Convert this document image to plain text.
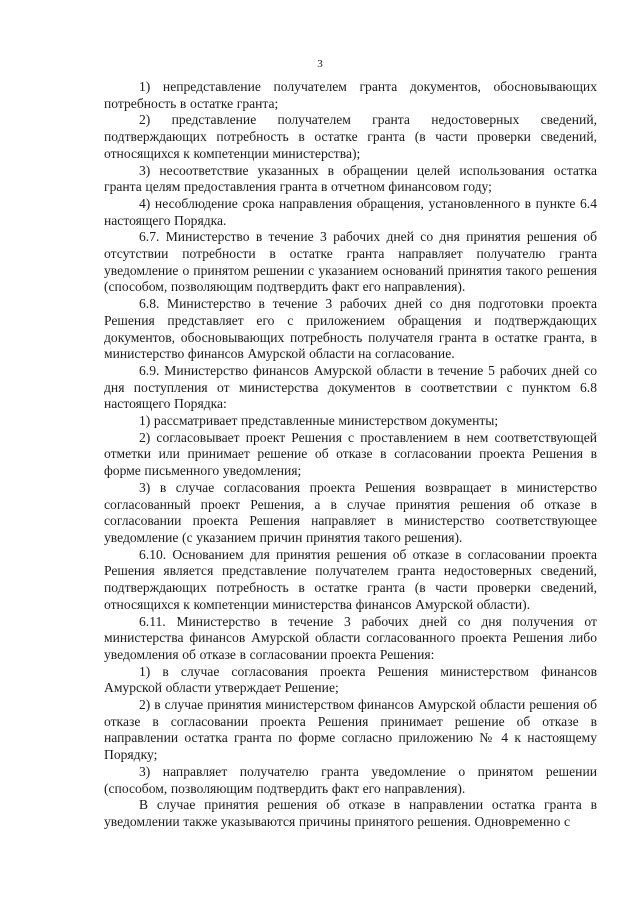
3

1) непредставление получателем гранта документов, обосновывающих потребность в остатке гранта;

2) представление получателем гранта недостоверных сведений, подтверждающих потребность в остатке гранта (в части проверки сведений, относящихся к компетенции министерства);

3) несоответствие указанных в обращении целей использования остатка гранта целям предоставления гранта в отчетном финансовом году;

4) несоблюдение срока направления обращения, установленного в пункте 6.4 настоящего Порядка.

6.7. Министерство в течение 3 рабочих дней со дня принятия решения об отсутствии потребности в остатке гранта направляет получателю гранта уведомление о принятом решении с указанием оснований принятия такого решения (способом, позволяющим подтвердить факт его направления).

6.8. Министерство в течение 3 рабочих дней со дня подготовки проекта Решения представляет его с приложением обращения и подтверждающих документов, обосновывающих потребность получателя гранта в остатке гранта, в министерство финансов Амурской области на согласование.

6.9. Министерство финансов Амурской области в течение 5 рабочих дней со дня поступления от министерства документов в соответствии с пунктом 6.8 настоящего Порядка:

1) рассматривает представленные министерством документы;

2) согласовывает проект Решения с проставлением в нем соответствующей отметки или принимает решение об отказе в согласовании проекта Решения в форме письменного уведомления;

3) в случае согласования проекта Решения возвращает в министерство согласованный проект Решения, а в случае принятия решения об отказе в согласовании проекта Решения направляет в министерство соответствующее уведомление (с указанием причин принятия такого решения).

6.10. Основанием для принятия решения об отказе в согласовании проекта Решения является представление получателем гранта недостоверных сведений, подтверждающих потребность в остатке гранта (в части проверки сведений, относящихся к компетенции министерства финансов Амурской области).

6.11. Министерство в течение 3 рабочих дней со дня получения от министерства финансов Амурской области согласованного проекта Решения либо уведомления об отказе в согласовании проекта Решения:

1) в случае согласования проекта Решения министерством финансов Амурской области утверждает Решение;

2) в случае принятия министерством финансов Амурской области решения об отказе в согласовании проекта Решения принимает решение об отказе в направлении остатка гранта по форме согласно приложению № 4 к настоящему Порядку;

3) направляет получателю гранта уведомление о принятом решении (способом, позволяющим подтвердить факт его направления).

В случае принятия решения об отказе в направлении остатка гранта в уведомлении также указываются причины принятого решения. Одновременно с
